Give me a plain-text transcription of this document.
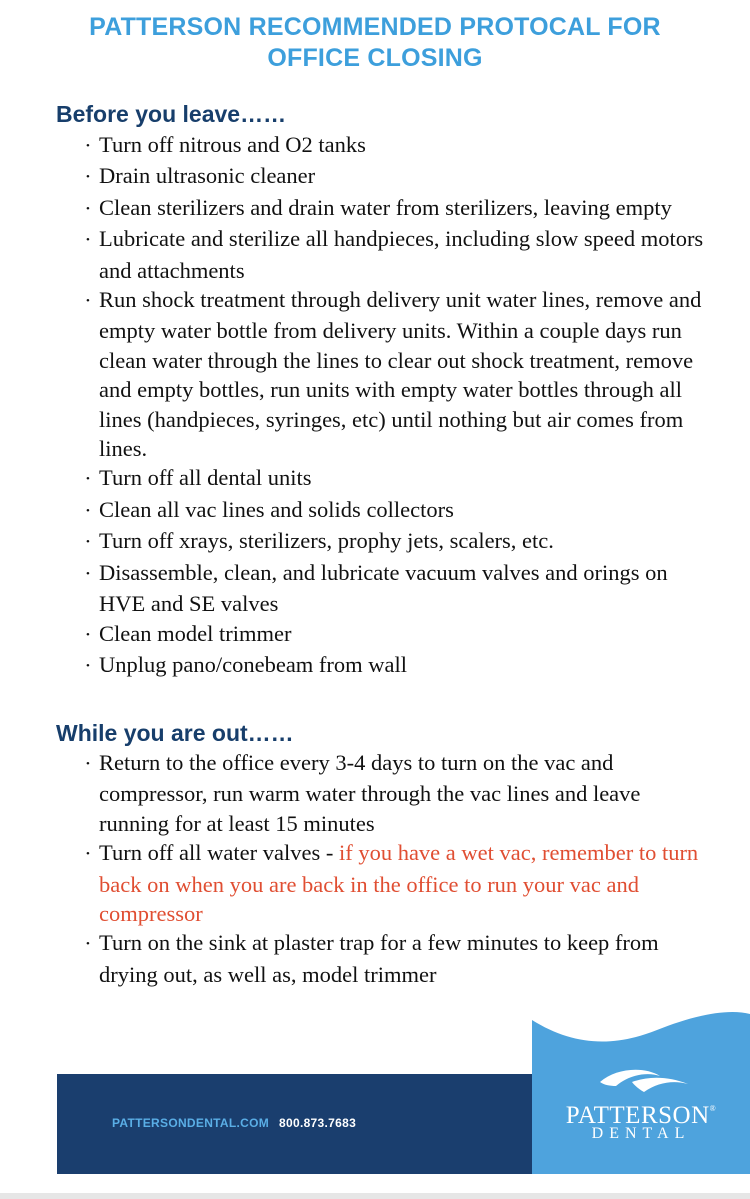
PATTERSON RECOMMENDED PROTOCAL FOR
OFFICE CLOSING
Before you leave……
• Turn off nitrous and O2 tanks
• Drain ultrasonic cleaner
• Clean sterilizers and drain water from sterilizers, leaving empty
• Lubricate and sterilize all handpieces, including slow speed motors and attachments
• Run shock treatment through delivery unit water lines, remove and empty water bottle from delivery units. Within a couple days run clean water through the lines to clear out shock treatment, remove and empty bottles, run units with empty water bottles through all lines (handpieces, syringes, etc) until nothing but air comes from lines.
• Turn off all dental units
• Clean all vac lines and solids collectors
• Turn off xrays, sterilizers, prophy jets, scalers, etc.
• Disassemble, clean, and lubricate vacuum valves and orings on HVE and SE valves
• Clean model trimmer
• Unplug pano/conebeam from wall
While you are out……
• Return to the office every 3-4 days to turn on the vac and compressor, run warm water through the vac lines and leave running for at least 15 minutes
• Turn off all water valves - if you have a wet vac, remember to turn back on when you are back in the office to run your vac and compressor
• Turn on the sink at plaster trap for a few minutes to keep from drying out, as well as, model trimmer
PATTERSONDENTAL.COM 800.873.7683	PATTERSON®
DENTAL
